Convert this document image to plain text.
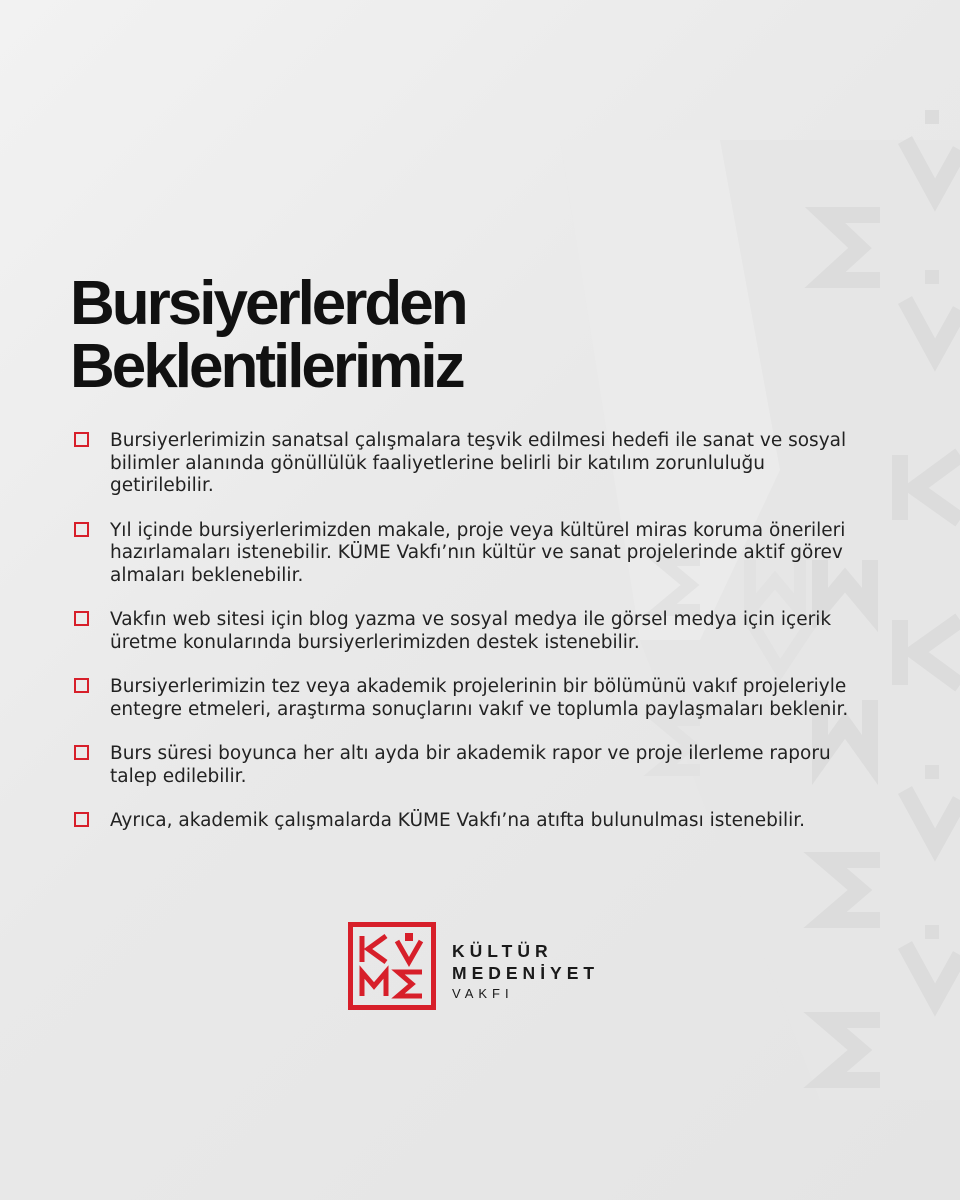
Bursiyerlerden
Beklentilerimiz
Bursiyerlerimizin sanatsal çalışmalara teşvik edilmesi hedefi ile sanat ve sosyal bilimler alanında gönüllülük faaliyetlerine belirli bir katılım zorunluluğu getirilebilir.
Yıl içinde bursiyerlerimizden makale, proje veya kültürel miras koruma önerileri hazırlamaları istenebilir. KÜME Vakfı’nın kültür ve sanat projelerinde aktif görev almaları beklenebilir.
Vakfın web sitesi için blog yazma ve sosyal medya ile görsel medya için içerik üretme konularında bursiyerlerimizden destek istenebilir.
Bursiyerlerimizin tez veya akademik projelerinin bir bölümünü vakıf projeleriyle entegre etmeleri, araştırma sonuçlarını vakıf ve toplumla paylaşmaları beklenir.
Burs süresi boyunca her altı ayda bir akademik rapor ve proje ilerleme raporu talep edilebilir.
Ayrıca, akademik çalışmalarda KÜME Vakfı’na atıfta bulunulması istenebilir.
KÜLTÜR
MEDENİYET
VAKFI
